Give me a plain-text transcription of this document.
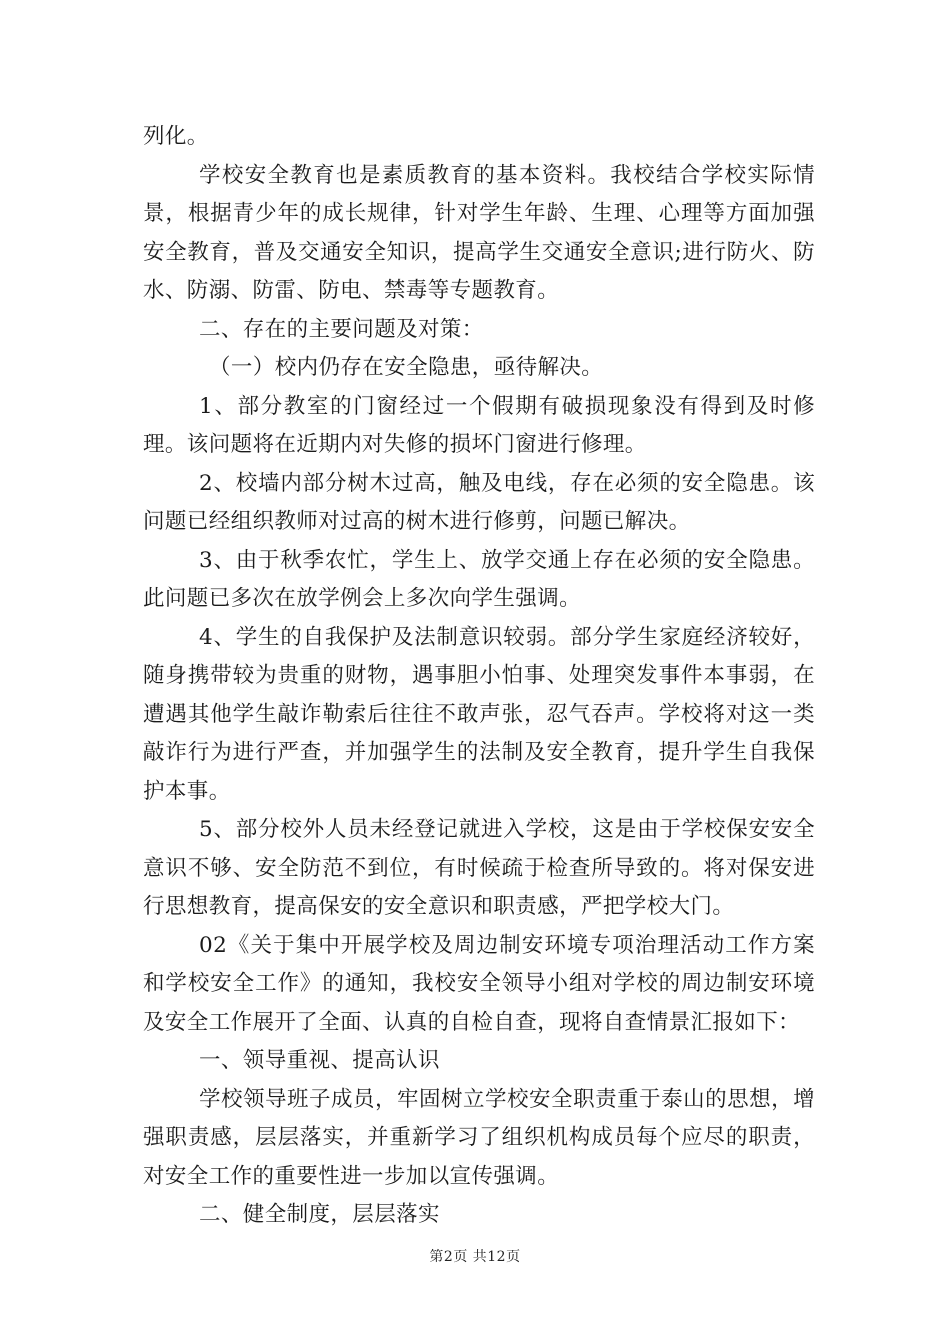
列化。

学校安全教育也是素质教育的基本资料。我校结合学校实际情景，根据青少年的成长规律，针对学生年龄、生理、心理等方面加强安全教育，普及交通安全知识，提高学生交通安全意识;进行防火、防水、防溺、防雷、防电、禁毒等专题教育。

二、存在的主要问题及对策：

（一）校内仍存在安全隐患，亟待解决。

1、部分教室的门窗经过一个假期有破损现象没有得到及时修理。该问题将在近期内对失修的损坏门窗进行修理。

2、校墙内部分树木过高，触及电线，存在必须的安全隐患。该问题已经组织教师对过高的树木进行修剪，问题已解决。

3、由于秋季农忙，学生上、放学交通上存在必须的安全隐患。此问题已多次在放学例会上多次向学生强调。

4、学生的自我保护及法制意识较弱。部分学生家庭经济较好，随身携带较为贵重的财物，遇事胆小怕事、处理突发事件本事弱，在遭遇其他学生敲诈勒索后往往不敢声张，忍气吞声。学校将对这一类敲诈行为进行严查，并加强学生的法制及安全教育，提升学生自我保护本事。

5、部分校外人员未经登记就进入学校，这是由于学校保安安全意识不够、安全防范不到位，有时候疏于检查所导致的。将对保安进行思想教育，提高保安的安全意识和职责感，严把学校大门。

02《关于集中开展学校及周边制安环境专项治理活动工作方案和学校安全工作》的通知，我校安全领导小组对学校的周边制安环境及安全工作展开了全面、认真的自检自查，现将自查情景汇报如下：

一、领导重视、提高认识

学校领导班子成员，牢固树立学校安全职责重于泰山的思想，增强职责感，层层落实，并重新学习了组织机构成员每个应尽的职责，对安全工作的重要性进一步加以宣传强调。

二、健全制度，层层落实

第2页 共12页
